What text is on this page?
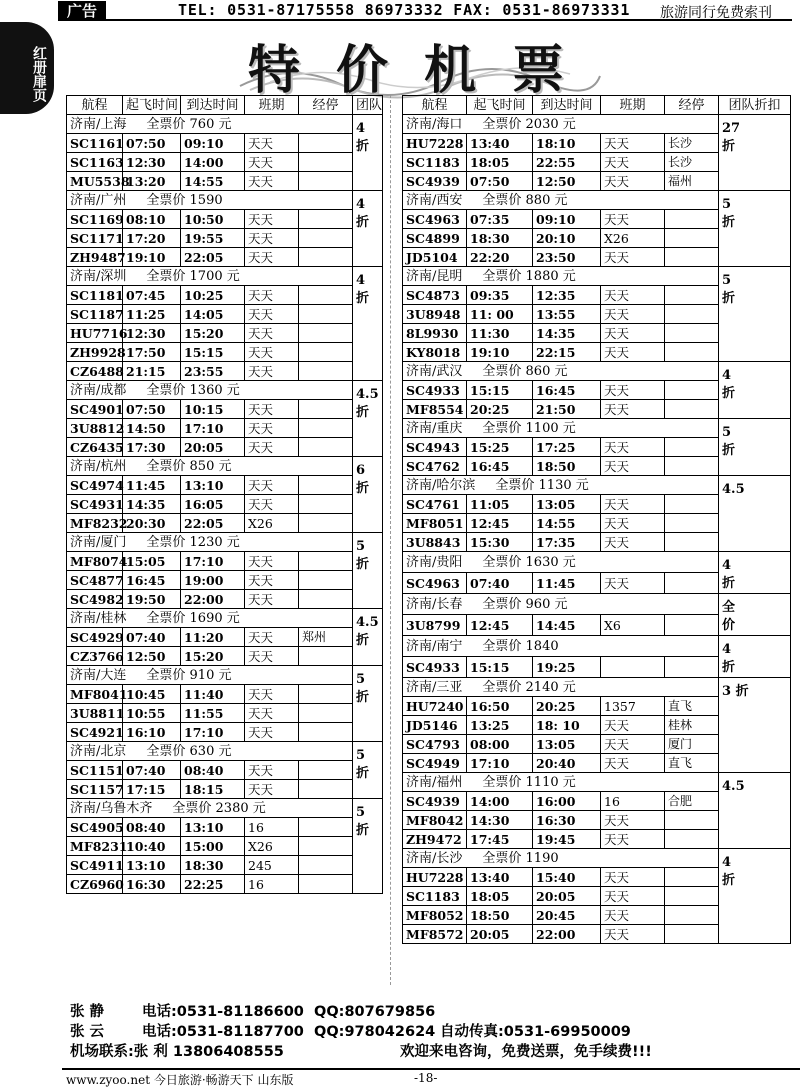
广告	TEL: 0531-87175558 86973332 FAX: 0531-86973331 旅游同行免费索刊
红册扉页	特价机票
航程	起飞时间	到达时间	班期	经停	团队
济南/上海 全票价 760 元					4
折
SC1161	07:50	09:10	天天		
SC1163	12:30	14:00	天天		
MU5538	13:20	14:55	天天		
济南/广州 全票价 1590					4
折
SC1169	08:10	10:50	天天		
SC1171	17:20	19:55	天天		
ZH9487	19:10	22:05	天天		
济南/深圳 全票价 1700 元					4
折
SC1181	07:45	10:25	天天		
SC1187	11:25	14:05	天天		
HU7716	12:30	15:20	天天		
ZH9928	17:50	15:15	天天		
CZ6488	21:15	23:55	天天		
济南/成都 全票价 1360 元					4.5
折
SC4901	07:50	10:15	天天		
3U8812	14:50	17:10	天天		
CZ6435	17:30	20:05	天天		
济南/杭州 全票价 850 元					6
折
SC4974	11:45	13:10	天天		
SC4931	14:35	16:05	天天		
MF8232	20:30	22:05	X26		
济南/厦门 全票价 1230 元					5
折
MF8074	15:05	17:10	天天		
SC4877	16:45	19:00	天天		
SC4982	19:50	22:00	天天		
济南/桂林 全票价 1690 元					4.5
折
SC4929	07:40	11:20	天天	郑州	
CZ3766	12:50	15:20	天天		
济南/大连 全票价 910 元					5
折
MF8041	10:45	11:40	天天		
3U8811	10:55	11:55	天天		
SC4921	16:10	17:10	天天		
济南/北京 全票价 630 元					5
折
SC1151	07:40	08:40	天天		
SC1157	17:15	18:15	天天		
济南/乌鲁木齐 全票价 2380 元					5
折
SC4905	08:40	13:10	16		
MF8231	10:40	15:00	X26		
SC4911	13:10	18:30	245		
CZ6960	16:30	22:25	16		
航程	起飞时间	到达时间	班期	经停	团队折扣
济南/海口 全票价 2030 元					27
折
HU7228	13:40	18:10	天天	长沙	
SC1183	18:05	22:55	天天	长沙	
SC4939	07:50	12:50	天天	福州	
济南/西安 全票价 880 元					5
折
SC4963	07:35	09:10	天天		
SC4899	18:30	20:10	X26		
JD5104	22:20	23:50	天天		
济南/昆明 全票价 1880 元					5
折
SC4873	09:35	12:35	天天		
3U8948	11: 00	13:55	天天		
8L9930	11:30	14:35	天天		
KY8018	19:10	22:15	天天		
济南/武汉 全票价 860 元					4
折
SC4933	15:15	16:45	天天		
MF8554	20:25	21:50	天天		
济南/重庆 全票价 1100 元					5
折
SC4943	15:25	17:25	天天		
SC4762	16:45	18:50	天天		
济南/哈尔滨 全票价 1130 元					4.5
SC4761	11:05	13:05	天天		
MF8051	12:45	14:55	天天		
3U8843	15:30	17:35	天天		
济南/贵阳 全票价 1630 元					4
折
SC4963	07:40	11:45	天天		
济南/长春 全票价 960 元					全
价
3U8799	12:45	14:45	X6		
济南/南宁 全票价 1840					4
折
SC4933	15:15	19:25			
济南/三亚 全票价 2140 元					3 折
HU7240	16:50	20:25	1357	直飞	
JD5146	13:25	18: 10	天天	桂林	
SC4793	08:00	13:05	天天	厦门	
SC4949	17:10	20:40	天天	直飞	
济南/福州 全票价 1110 元					4.5
SC4939	14:00	16:00	16	合肥	
MF8042	14:30	16:30	天天		
ZH9472	17:45	19:45	天天		
济南/长沙 全票价 1190					4
折
HU7228	13:40	15:40	天天		
SC1183	18:05	20:05	天天		
MF8052	18:50	20:45	天天		
MF8572	20:05	22:00	天天		
张 静	电话:0531-81186600 QQ:807679856
张 云	电话:0531-81187700 QQ:978042624 自动传真:0531-69950009
机场联系:张 利 13806408555	欢迎来电咨询，免费送票，免手续费!!!
www.zyoo.net 今日旅游·畅游天下 山东版	-18-
